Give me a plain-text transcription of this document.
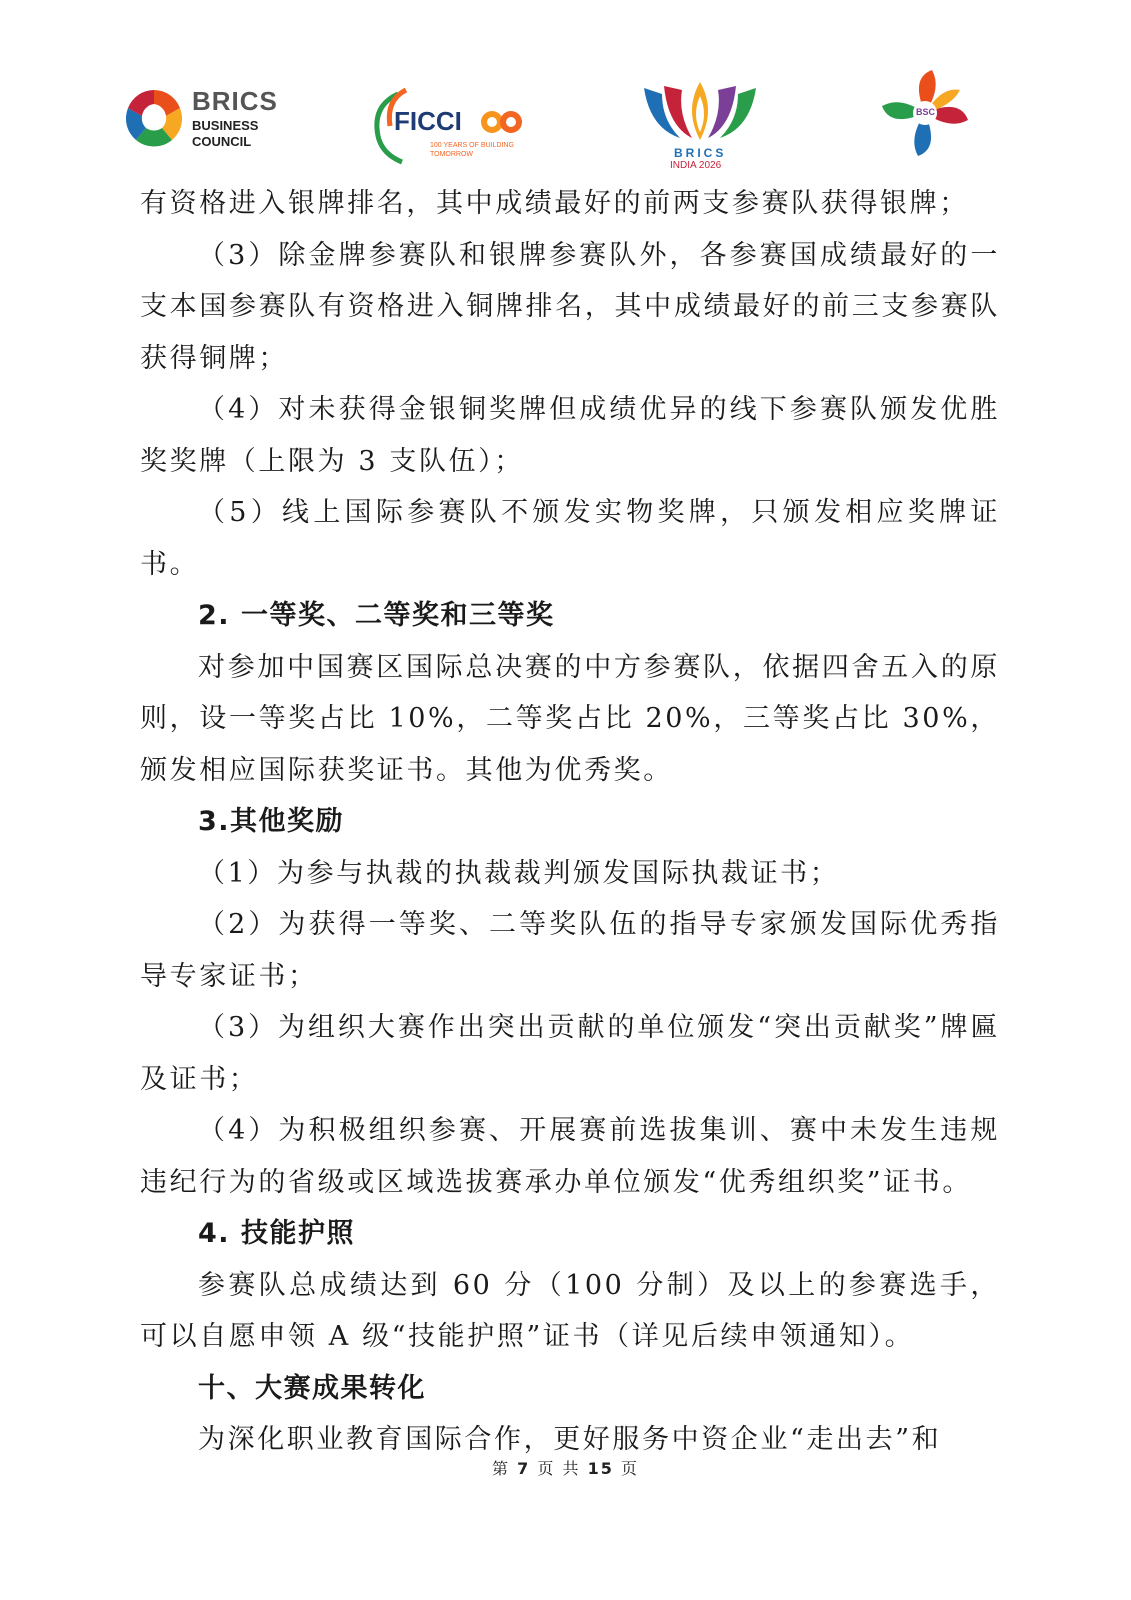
BRICS
BUSINESS
COUNCIL
FICCI
100 YEARS OF BUILDING
TOMORROW	BRICS
INDIA 2026
BSC

有资格进入银牌排名，其中成绩最好的前两支参赛队获得银牌；

（3）除金牌参赛队和银牌参赛队外，各参赛国成绩最好的一支本国参赛队有资格进入铜牌排名，其中成绩最好的前三支参赛队获得铜牌；

（4）对未获得金银铜奖牌但成绩优异的线下参赛队颁发优胜奖奖牌（上限为 3 支队伍）；

（5）线上国际参赛队不颁发实物奖牌，只颁发相应奖牌证书。

2. 一等奖、二等奖和三等奖

对参加中国赛区国际总决赛的中方参赛队，依据四舍五入的原则，设一等奖占比 10%，二等奖占比 20%，三等奖占比 30%，颁发相应国际获奖证书。其他为优秀奖。

3.其他奖励

（1）为参与执裁的执裁裁判颁发国际执裁证书；

（2）为获得一等奖、二等奖队伍的指导专家颁发国际优秀指导专家证书；

（3）为组织大赛作出突出贡献的单位颁发“突出贡献奖”牌匾及证书；

（4）为积极组织参赛、开展赛前选拔集训、赛中未发生违规违纪行为的省级或区域选拔赛承办单位颁发“优秀组织奖”证书。

4. 技能护照

参赛队总成绩达到 60 分（100 分制）及以上的参赛选手，可以自愿申领 A 级“技能护照”证书（详见后续申领通知）。

十、大赛成果转化

为深化职业教育国际合作，更好服务中资企业“走出去”和

第 7 页 共 15 页
